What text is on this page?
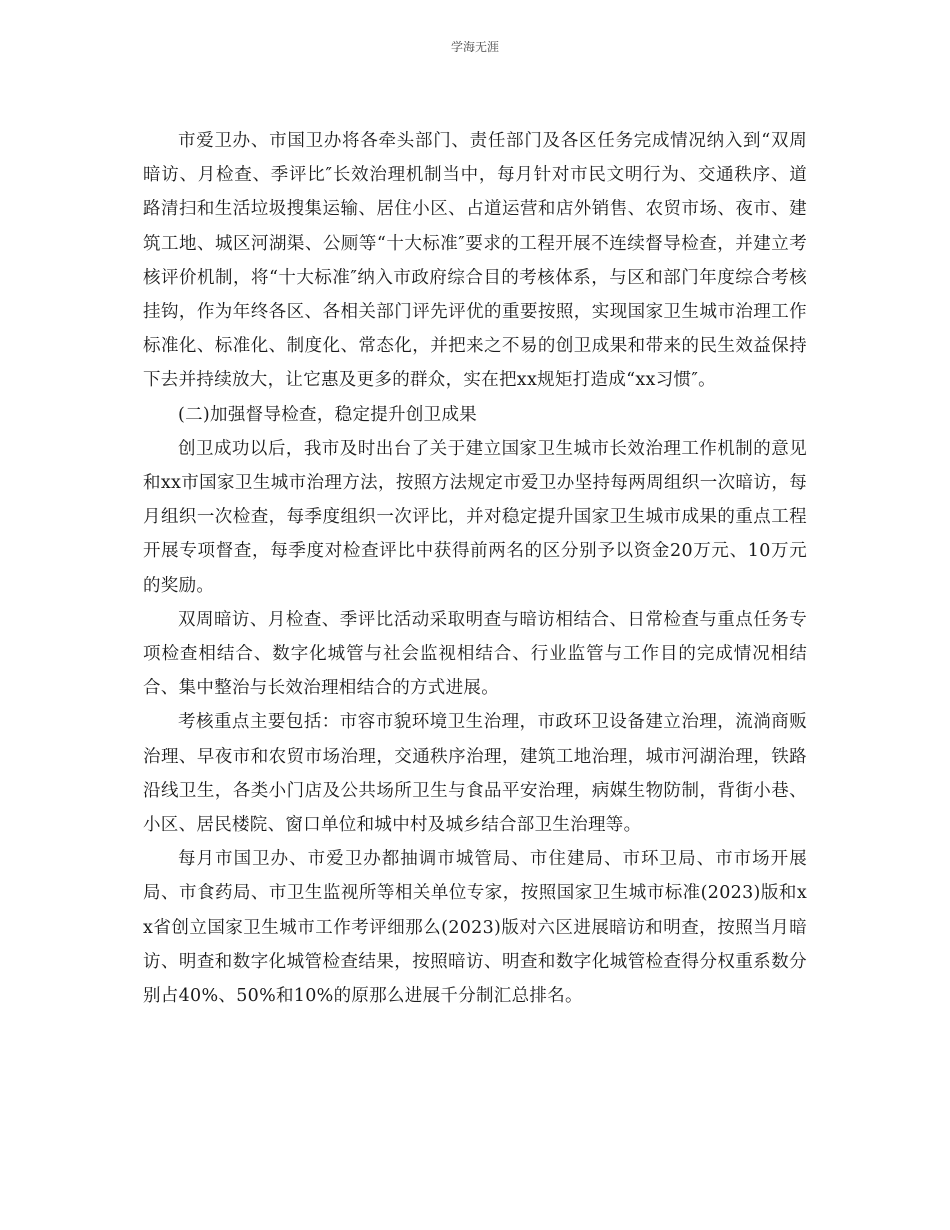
学海无涯

市爱卫办、市国卫办将各牵头部门、责任部门及各区任务完成情况纳入到“双周暗访、月检查、季评比″长效治理机制当中，每月针对市民文明行为、交通秩序、道路清扫和生活垃圾搜集运输、居住小区、占道运营和店外销售、农贸市场、夜市、建筑工地、城区河湖渠、公厕等“十大标准″要求的工程开展不连续督导检查，并建立考核评价机制，将“十大标准″纳入市政府综合目的考核体系，与区和部门年度综合考核挂钩，作为年终各区、各相关部门评先评优的重要按照，实现国家卫生城市治理工作标准化、标准化、制度化、常态化，并把来之不易的创卫成果和带来的民生效益保持下去并持续放大，让它惠及更多的群众，实在把xx规矩打造成“xx习惯″。

(二)加强督导检查，稳定提升创卫成果

创卫成功以后，我市及时出台了关于建立国家卫生城市长效治理工作机制的意见和xx市国家卫生城市治理方法，按照方法规定市爱卫办坚持每两周组织一次暗访，每月组织一次检查，每季度组织一次评比，并对稳定提升国家卫生城市成果的重点工程开展专项督查，每季度对检查评比中获得前两名的区分别予以资金20万元、10万元的奖励。

双周暗访、月检查、季评比活动采取明查与暗访相结合、日常检查与重点任务专项检查相结合、数字化城管与社会监视相结合、行业监管与工作目的完成情况相结合、集中整治与长效治理相结合的方式进展。

考核重点主要包括：市容市貌环境卫生治理，市政环卫设备建立治理，流淌商贩治理、早夜市和农贸市场治理，交通秩序治理，建筑工地治理，城市河湖治理，铁路沿线卫生，各类小门店及公共场所卫生与食品平安治理，病媒生物防制，背街小巷、小区、居民楼院、窗口单位和城中村及城乡结合部卫生治理等。

每月市国卫办、市爱卫办都抽调市城管局、市住建局、市环卫局、市市场开展局、市食药局、市卫生监视所等相关单位专家，按照国家卫生城市标准(2023)版和xx省创立国家卫生城市工作考评细那么(2023)版对六区进展暗访和明查，按照当月暗访、明查和数字化城管检查结果，按照暗访、明查和数字化城管检查得分权重系数分别占40%、50%和10%的原那么进展千分制汇总排名。
